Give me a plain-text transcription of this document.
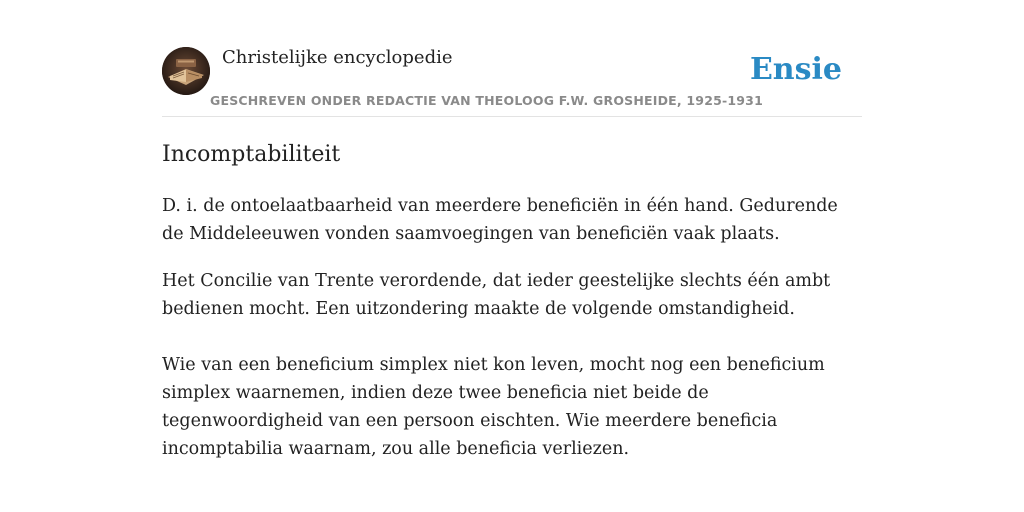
Christelijke encyclopedie
GESCHREVEN ONDER REDACTIE VAN THEOLOOG F.W. GROSHEIDE, 1925-1931
Ensie
Incomptabiliteit

D. i. de ontoelaatbaarheid van meerdere beneficiën in één hand. Gedurende de Middeleeuwen vonden saamvoegingen van beneficiën vaak plaats.

Het Concilie van Trente verordende, dat ieder geestelijke slechts één ambt bedienen mocht. Een uitzondering maakte de volgende omstandigheid.

Wie van een beneficium simplex niet kon leven, mocht nog een beneficium simplex waarnemen, indien deze twee beneficia niet beide de tegenwoordigheid van een persoon eischten. Wie meerdere beneficia incomptabilia waarnam, zou alle beneficia verliezen.
